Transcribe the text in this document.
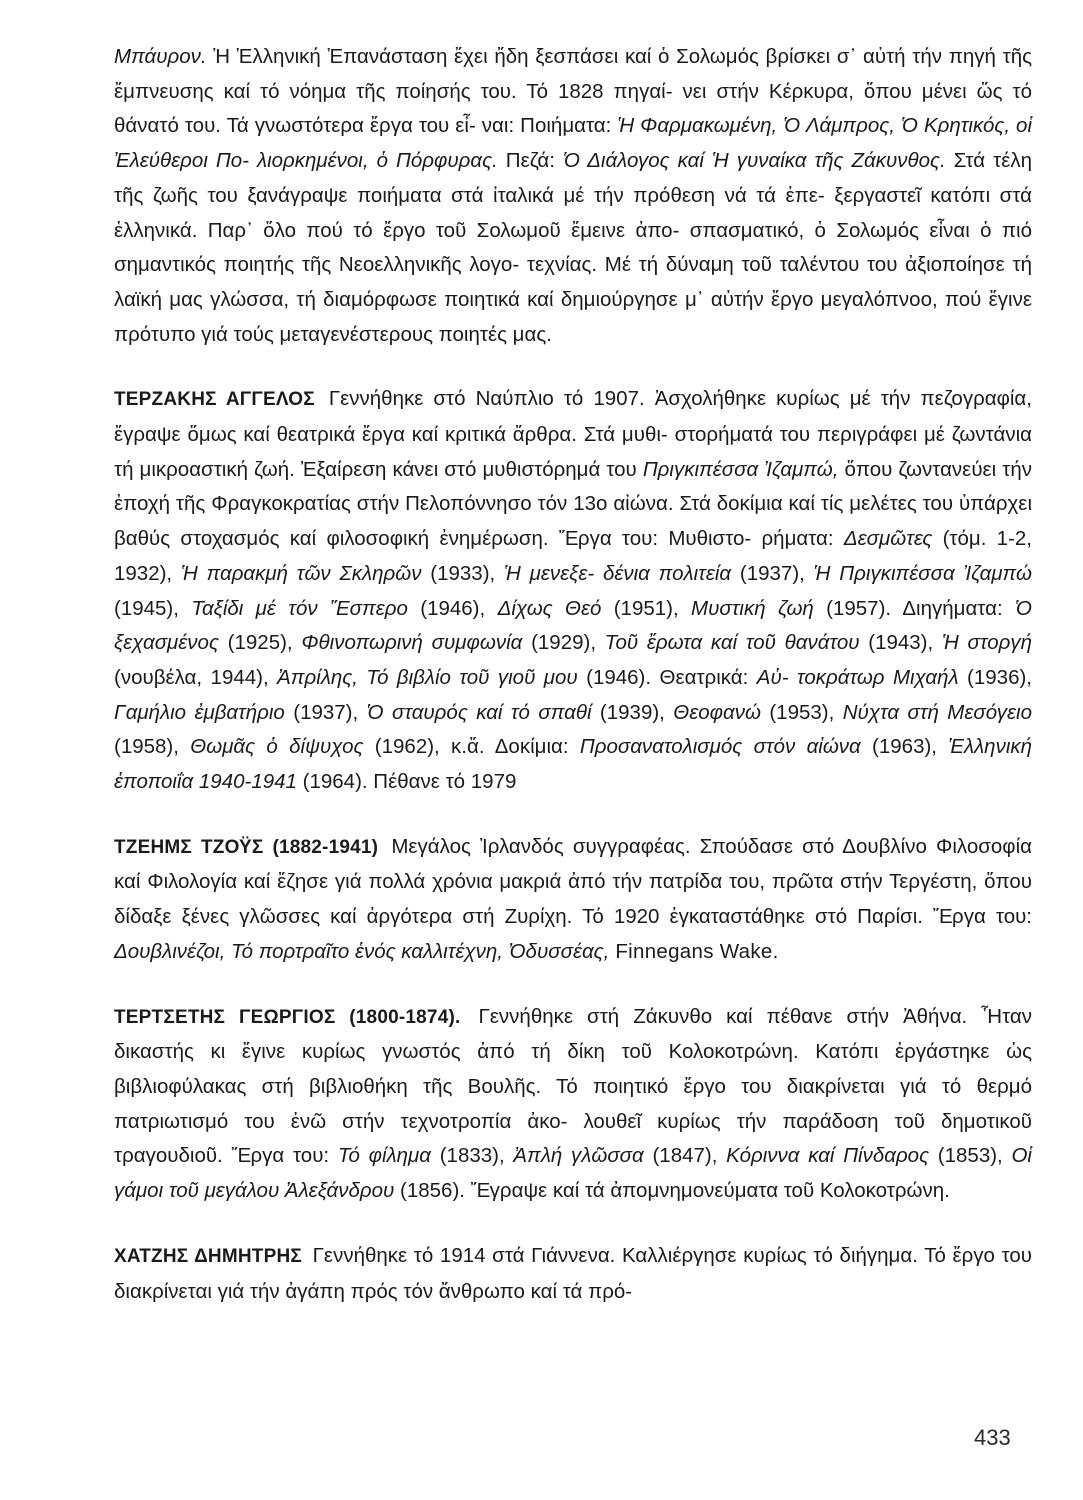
Μπάυρον. Ἡ Ἑλληνική Ἐπανάσταση ἔχει ἤδη ξεσπάσει καί ὁ Σολωμός βρίσκει σ᾽ αὐτή τήν πηγή τῆς ἔμπνευσης καί τό νόημα τῆς ποίησής του. Τό 1828 πηγαί- νει στήν Κέρκυρα, ὅπου μένει ὥς τό θάνατό του. Τά γνωστότερα ἔργα του εἶ- ναι: Ποιήματα: Ἡ Φαρμακωμένη, Ὁ Λάμπρος, Ὁ Κρητικός, οἱ Ἐλεύθεροι Πο- λιορκημένοι, ὁ Πόρφυρας. Πεζά: Ὁ Διάλογος καί Ἡ γυναίκα τῆς Ζάκυνθος. Στά τέλη τῆς ζωῆς του ξανάγραψε ποιήματα στά ἰταλικά μέ τήν πρόθεση νά τά ἐπε- ξεργαστεῖ κατόπι στά ἑλληνικά. Παρ᾽ ὅλο πού τό ἔργο τοῦ Σολωμοῦ ἔμεινε ἀπο- σπασματικό, ὁ Σολωμός εἶναι ὁ πιό σημαντικός ποιητής τῆς Νεοελληνικῆς λογο- τεχνίας. Μέ τή δύναμη τοῦ ταλέντου του ἀξιοποίησε τή λαϊκή μας γλώσσα, τή διαμόρφωσε ποιητικά καί δημιούργησε μ᾽ αὐτήν ἔργο μεγαλόπνοο, πού ἔγινε πρότυπο γιά τούς μεταγενέστερους ποιητές μας.

ΤΕΡΖΑΚΗΣ ΑΓΓΕΛΟΣ Γεννήθηκε στό Ναύπλιο τό 1907. Ἀσχολήθηκε κυρίως μέ τήν πεζογραφία, ἔγραψε ὅμως καί θεατρικά ἔργα καί κριτικά ἄρθρα. Στά μυθι- στορήματά του περιγράφει μέ ζωντάνια τή μικροαστική ζωή. Ἐξαίρεση κάνει στό μυθιστόρημά του Πριγκιπέσσα Ἰζαμπώ, ὅπου ζωντανεύει τήν ἐποχή τῆς Φραγκοκρατίας στήν Πελοπόννησο τόν 13ο αἰώνα. Στά δοκίμια καί τίς μελέτες του ὑπάρχει βαθύς στοχασμός καί φιλοσοφική ἐνημέρωση. Ἔργα του: Μυθιστο- ρήματα: Δεσμῶτες (τόμ. 1-2, 1932), Ἡ παρακμή τῶν Σκληρῶν (1933), Ἡ μενεξε- δένια πολιτεία (1937), Ἡ Πριγκιπέσσα Ἰζαμπώ (1945), Ταξίδι μέ τόν Ἕσπερο (1946), Δίχως Θεό (1951), Μυστική ζωή (1957). Διηγήματα: Ὁ ξεχασμένος (1925), Φθινοπωρινή συμφωνία (1929), Τοῦ ἔρωτα καί τοῦ θανάτου (1943), Ἡ στοργή (νουβέλα, 1944), Ἀπρίλης, Τό βιβλίο τοῦ γιοῦ μου (1946). Θεατρικά: Αὐ- τοκράτωρ Μιχαήλ (1936), Γαμήλιο ἐμβατήριο (1937), Ὁ σταυρός καί τό σπαθί (1939), Θεοφανώ (1953), Νύχτα στή Μεσόγειο (1958), Θωμᾶς ὁ δίψυχος (1962), κ.ἄ. Δοκίμια: Προσανατολισμός στόν αἰώνα (1963), Ἑλληνική ἐποποιΐα 1940-1941 (1964). Πέθανε τό 1979

ΤΖΕΗΜΣ ΤΖΟΫΣ (1882-1941) Μεγάλος Ἰρλανδός συγγραφέας. Σπούδασε στό Δουβλίνο Φιλοσοφία καί Φιλολογία καί ἔζησε γιά πολλά χρόνια μακριά ἀπό τήν πατρίδα του, πρῶτα στήν Τεργέστη, ὅπου δίδαξε ξένες γλῶσσες καί ἀργότερα στή Ζυρίχη. Τό 1920 ἐγκαταστάθηκε στό Παρίσι. Ἔργα του: Δουβλινέζοι, Τό πορτραῖτο ἑνός καλλιτέχνη, Ὀδυσσέας, Finnegans Wake.

ΤΕΡΤΣΕΤΗΣ ΓΕΩΡΓΙΟΣ (1800-1874). Γεννήθηκε στή Ζάκυνθο καί πέθανε στήν Ἀθήνα. Ἦταν δικαστής κι ἔγινε κυρίως γνωστός ἀπό τή δίκη τοῦ Κολοκοτρώνη. Κατόπι ἐργάστηκε ὡς βιβλιοφύλακας στή βιβλιοθήκη τῆς Βουλῆς. Τό ποιητικό ἔργο του διακρίνεται γιά τό θερμό πατριωτισμό του ἐνῶ στήν τεχνοτροπία ἀκο- λουθεῖ κυρίως τήν παράδοση τοῦ δημοτικοῦ τραγουδιοῦ. Ἔργα του: Τό φίλημα (1833), Ἀπλή γλῶσσα (1847), Κόριννα καί Πίνδαρος (1853), Οἱ γάμοι τοῦ μεγάλου Ἀλεξάνδρου (1856). Ἔγραψε καί τά ἀπομνημονεύματα τοῦ Κολοκοτρώνη.

ΧΑΤΖΗΣ ΔΗΜΗΤΡΗΣ Γεννήθηκε τό 1914 στά Γιάννενα. Καλλιέργησε κυρίως τό διήγημα. Τό ἔργο του διακρίνεται γιά τήν ἀγάπη πρός τόν ἄνθρωπο καί τά πρό-

433
